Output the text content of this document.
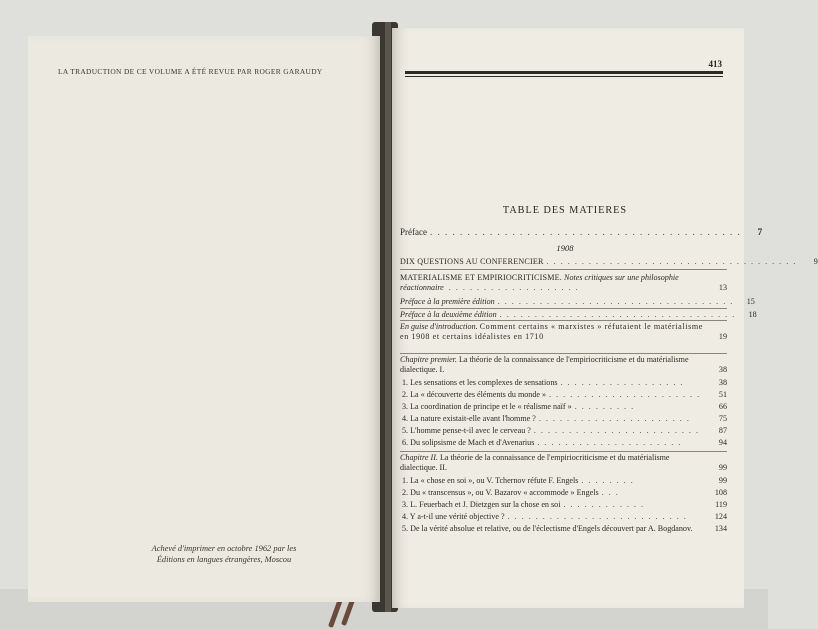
LA TRADUCTION DE CE VOLUME A ÉTÉ REVUE PAR ROGER GARAUDY
Achevé d'imprimer en octobre 1962 par les
Éditions en langues étrangères, Moscou
413
TABLE DES MATIERES
Préface . . . . . . . . . . . . . . . . . . . . . . . . . . . . . . . . . . . . . . . . . .	7
1908
DIX QUESTIONS AU CONFERENCIER . . . . . . . . . . . . . . . . . . . . . . . . . . . . . . . . . . . .	9
MATERIALISME ET EMPIRIOCRITICISME. Notes critiques sur une philosophie réactionnaire . . . . . . . . . . . . . . . . . . .	13
Préface à la première édition . . . . . . . . . . . . . . . . . . . . . . . . . . . . . . . . . .	15
Préface à la deuxième édition . . . . . . . . . . . . . . . . . . . . . . . . . . . . . . . . . .	18
En guise d'introduction. Comment certains « marxistes » réfutaient le matérialisme en 1908 et certains idéalistes en 1710	19
Chapitre premier. La théorie de la connaissance de l'empiriocriticisme et du matérialisme dialectique. I.	38
1. Les sensations et les complexes de sensations . . . . . . . . . . . . . . . . . .	38
2. La « découverte des éléments du monde » . . . . . . . . . . . . . . . . . . . . . .	51
3. La coordination de principe et le « réalisme naïf » . . . . . . . . .	66
4. La nature existait-elle avant l'homme ? . . . . . . . . . . . . . . . . . . . . . .	75
5. L'homme pense-t-il avec le cerveau ? . . . . . . . . . . . . . . . . . . . . . . . .	87
6. Du solipsisme de Mach et d'Avenarius . . . . . . . . . . . . . . . . . . . . .	94
Chapitre II. La théorie de la connaissance de l'empiriocriticisme et du matérialisme dialectique. II.	99
1. La « chose en soi », ou V. Tchernov réfute F. Engels . . . . . . . .	99
2. Du « transcensus », ou V. Bazarov « accommode » Engels . . .	108
3. L. Feuerbach et J. Dietzgen sur la chose en soi . . . . . . . . . . . .	119
4. Y a-t-il une vérité objective ? . . . . . . . . . . . . . . . . . . . . . . . . . .	124
5. De la vérité absolue et relative, ou de l'éclectisme d'Engels découvert par A. Bogdanov.	134
